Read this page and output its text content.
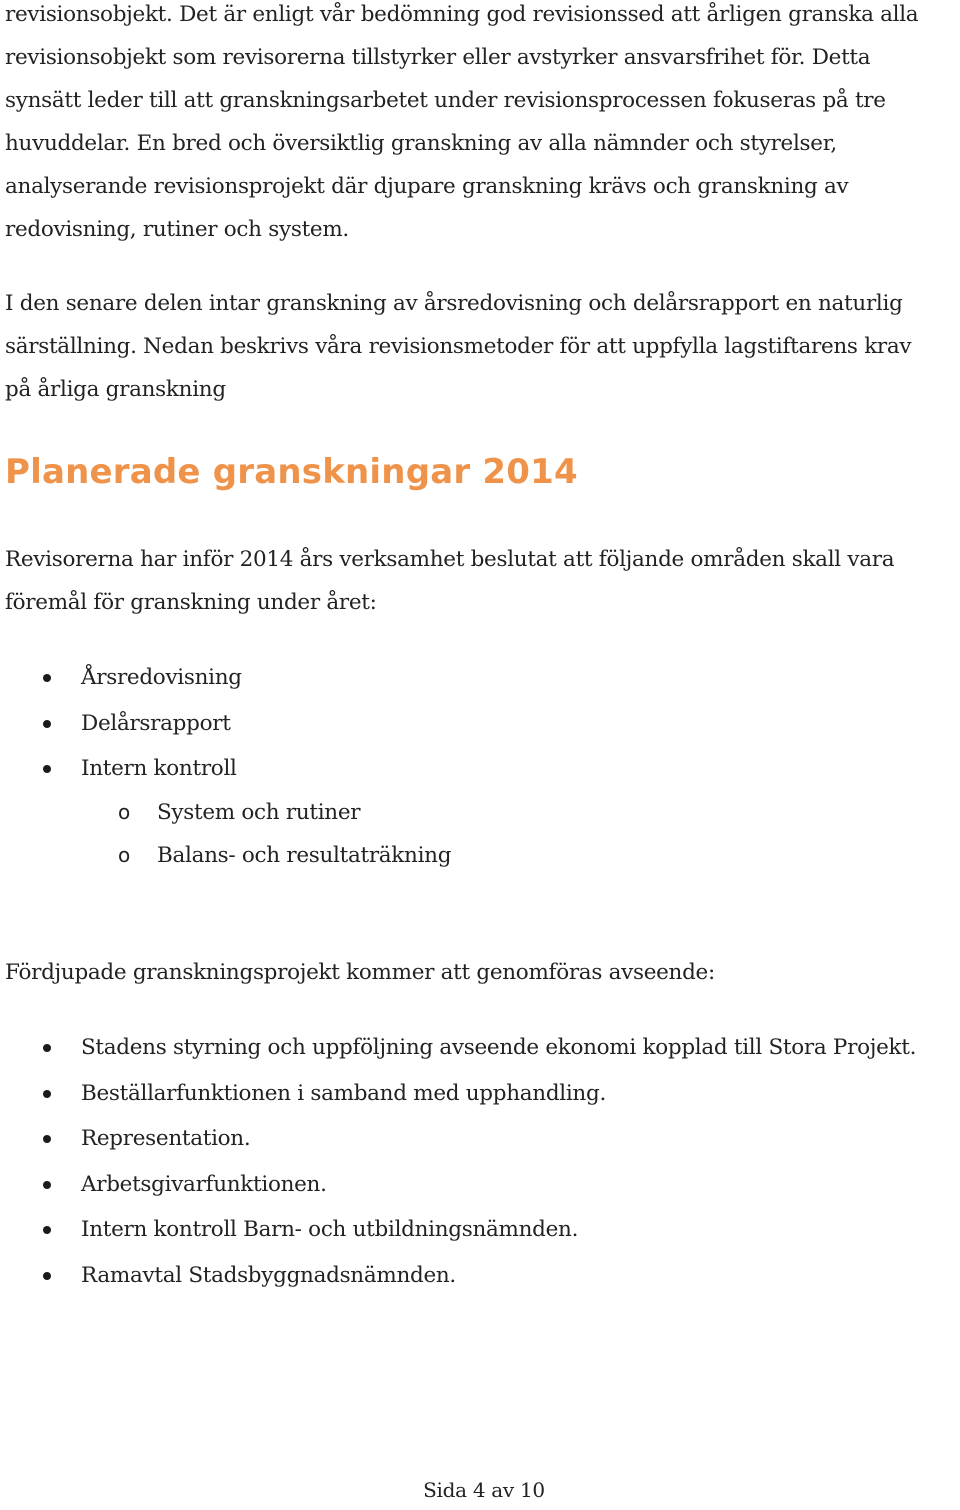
revisionsobjekt. Det är enligt vår bedömning god revisionssed att årligen granska alla
revisionsobjekt som revisorerna tillstyrker eller avstyrker ansvarsfrihet för. Detta
synsätt leder till att granskningsarbetet under revisionsprocessen fokuseras på tre
huvuddelar. En bred och översiktlig granskning av alla nämnder och styrelser,
analyserande revisionsprojekt där djupare granskning krävs och granskning av
redovisning, rutiner och system.
I den senare delen intar granskning av årsredovisning och delårsrapport en naturlig
särställning. Nedan beskrivs våra revisionsmetoder för att uppfylla lagstiftarens krav
på årliga granskning
Planerade granskningar 2014
Revisorerna har inför 2014 års verksamhet beslutat att följande områden skall vara
föremål för granskning under året:
Årsredovisning
Delårsrapport
Intern kontroll
o System och rutiner
o Balans- och resultaträkning
Fördjupade granskningsprojekt kommer att genomföras avseende:
Stadens styrning och uppföljning avseende ekonomi kopplad till Stora Projekt.
Beställarfunktionen i samband med upphandling.
Representation.
Arbetsgivarfunktionen.
Intern kontroll Barn- och utbildningsnämnden.
Ramavtal Stadsbyggnadsnämnden.
Sida 4 av 10
